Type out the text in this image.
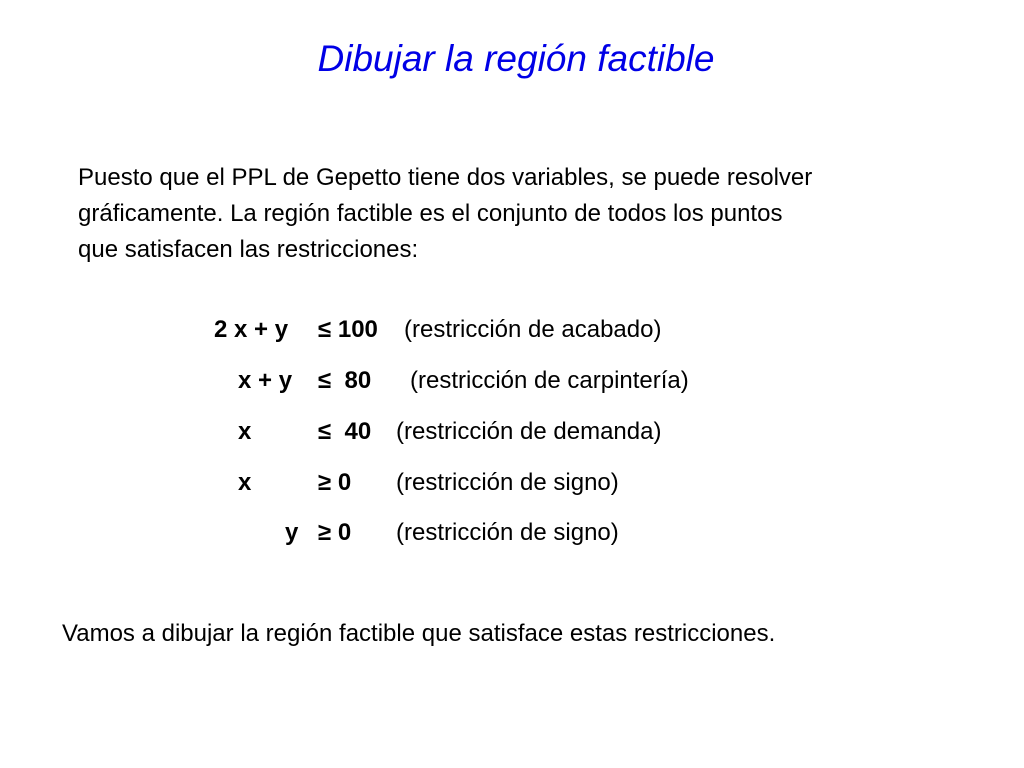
Dibujar la región factible
Puesto que el PPL de Gepetto tiene dos variables, se puede resolver
gráficamente. La región factible es el conjunto de todos los puntos
que satisfacen las restricciones:
2 x + y ≤ 100 (restricción de acabado)
x + y ≤  80 (restricción de carpintería)
x	≤  40 (restricción de demanda)
x	≥ 0 (restricción de signo)
y ≥ 0 (restricción de signo)
Vamos a dibujar la región factible que satisface estas restricciones.
